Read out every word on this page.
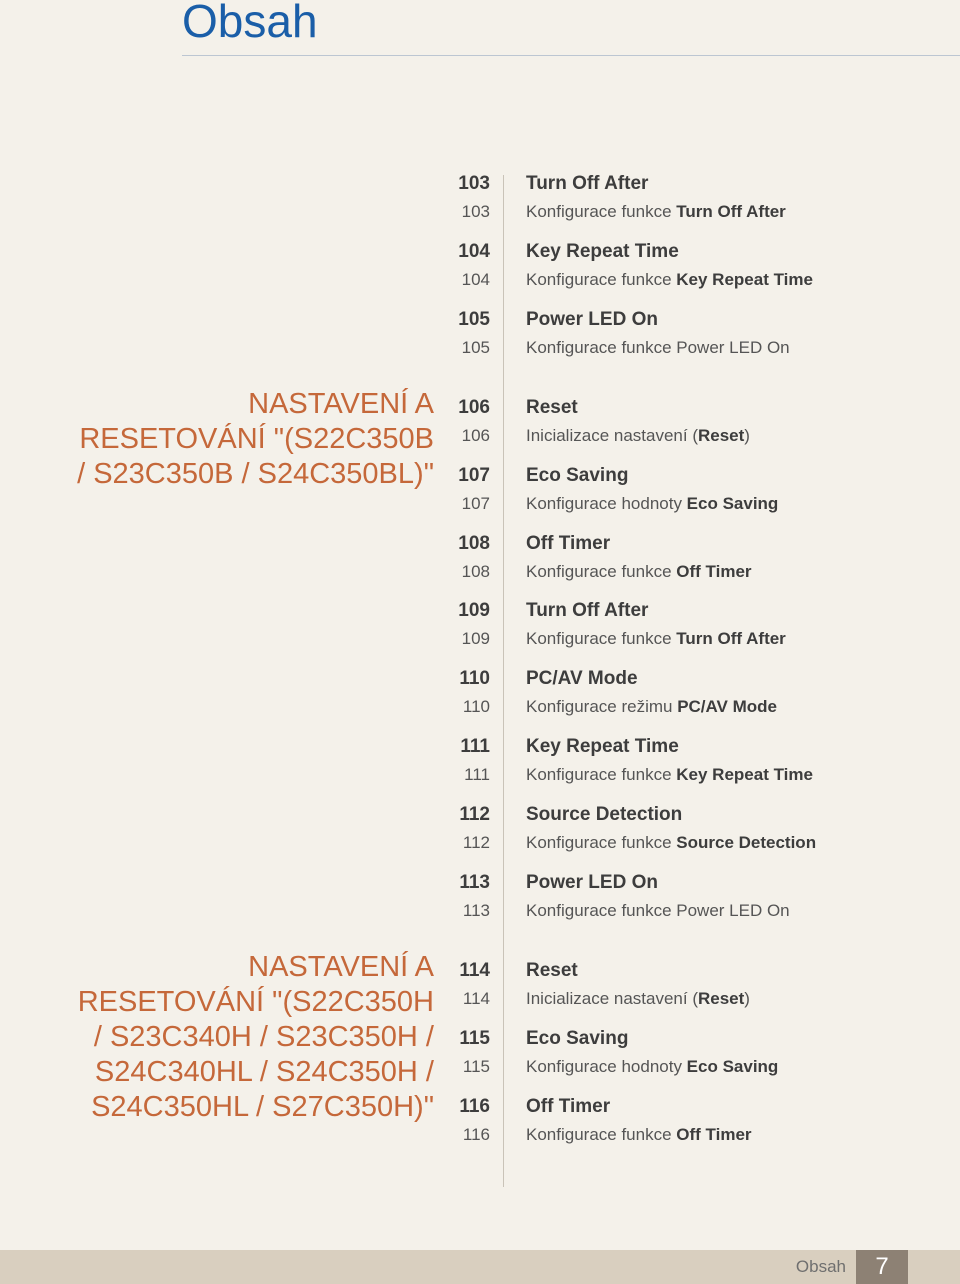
Obsah
NASTAVENÍ A
RESETOVÁNÍ "(S22C350B
/ S23C350B / S24C350BL)"
NASTAVENÍ A
RESETOVÁNÍ "(S22C350H
/ S23C340H / S23C350H /
S24C340HL / S24C350H /
S24C350HL / S27C350H)"
103 Turn Off After
103 Konfigurace funkce Turn Off After
104 Key Repeat Time
104 Konfigurace funkce Key Repeat Time
105 Power LED On
105 Konfigurace funkce Power LED On
106 Reset
106 Inicializace nastavení (Reset)
107 Eco Saving
107 Konfigurace hodnoty Eco Saving
108 Off Timer
108 Konfigurace funkce Off Timer
109 Turn Off After
109 Konfigurace funkce Turn Off After
110 PC/AV Mode
110 Konfigurace režimu PC/AV Mode
111 Key Repeat Time
111 Konfigurace funkce Key Repeat Time
112 Source Detection
112 Konfigurace funkce Source Detection
113 Power LED On
113 Konfigurace funkce Power LED On
114 Reset
114 Inicializace nastavení (Reset)
115 Eco Saving
115 Konfigurace hodnoty Eco Saving
116 Off Timer
116 Konfigurace funkce Off Timer
Obsah	7
